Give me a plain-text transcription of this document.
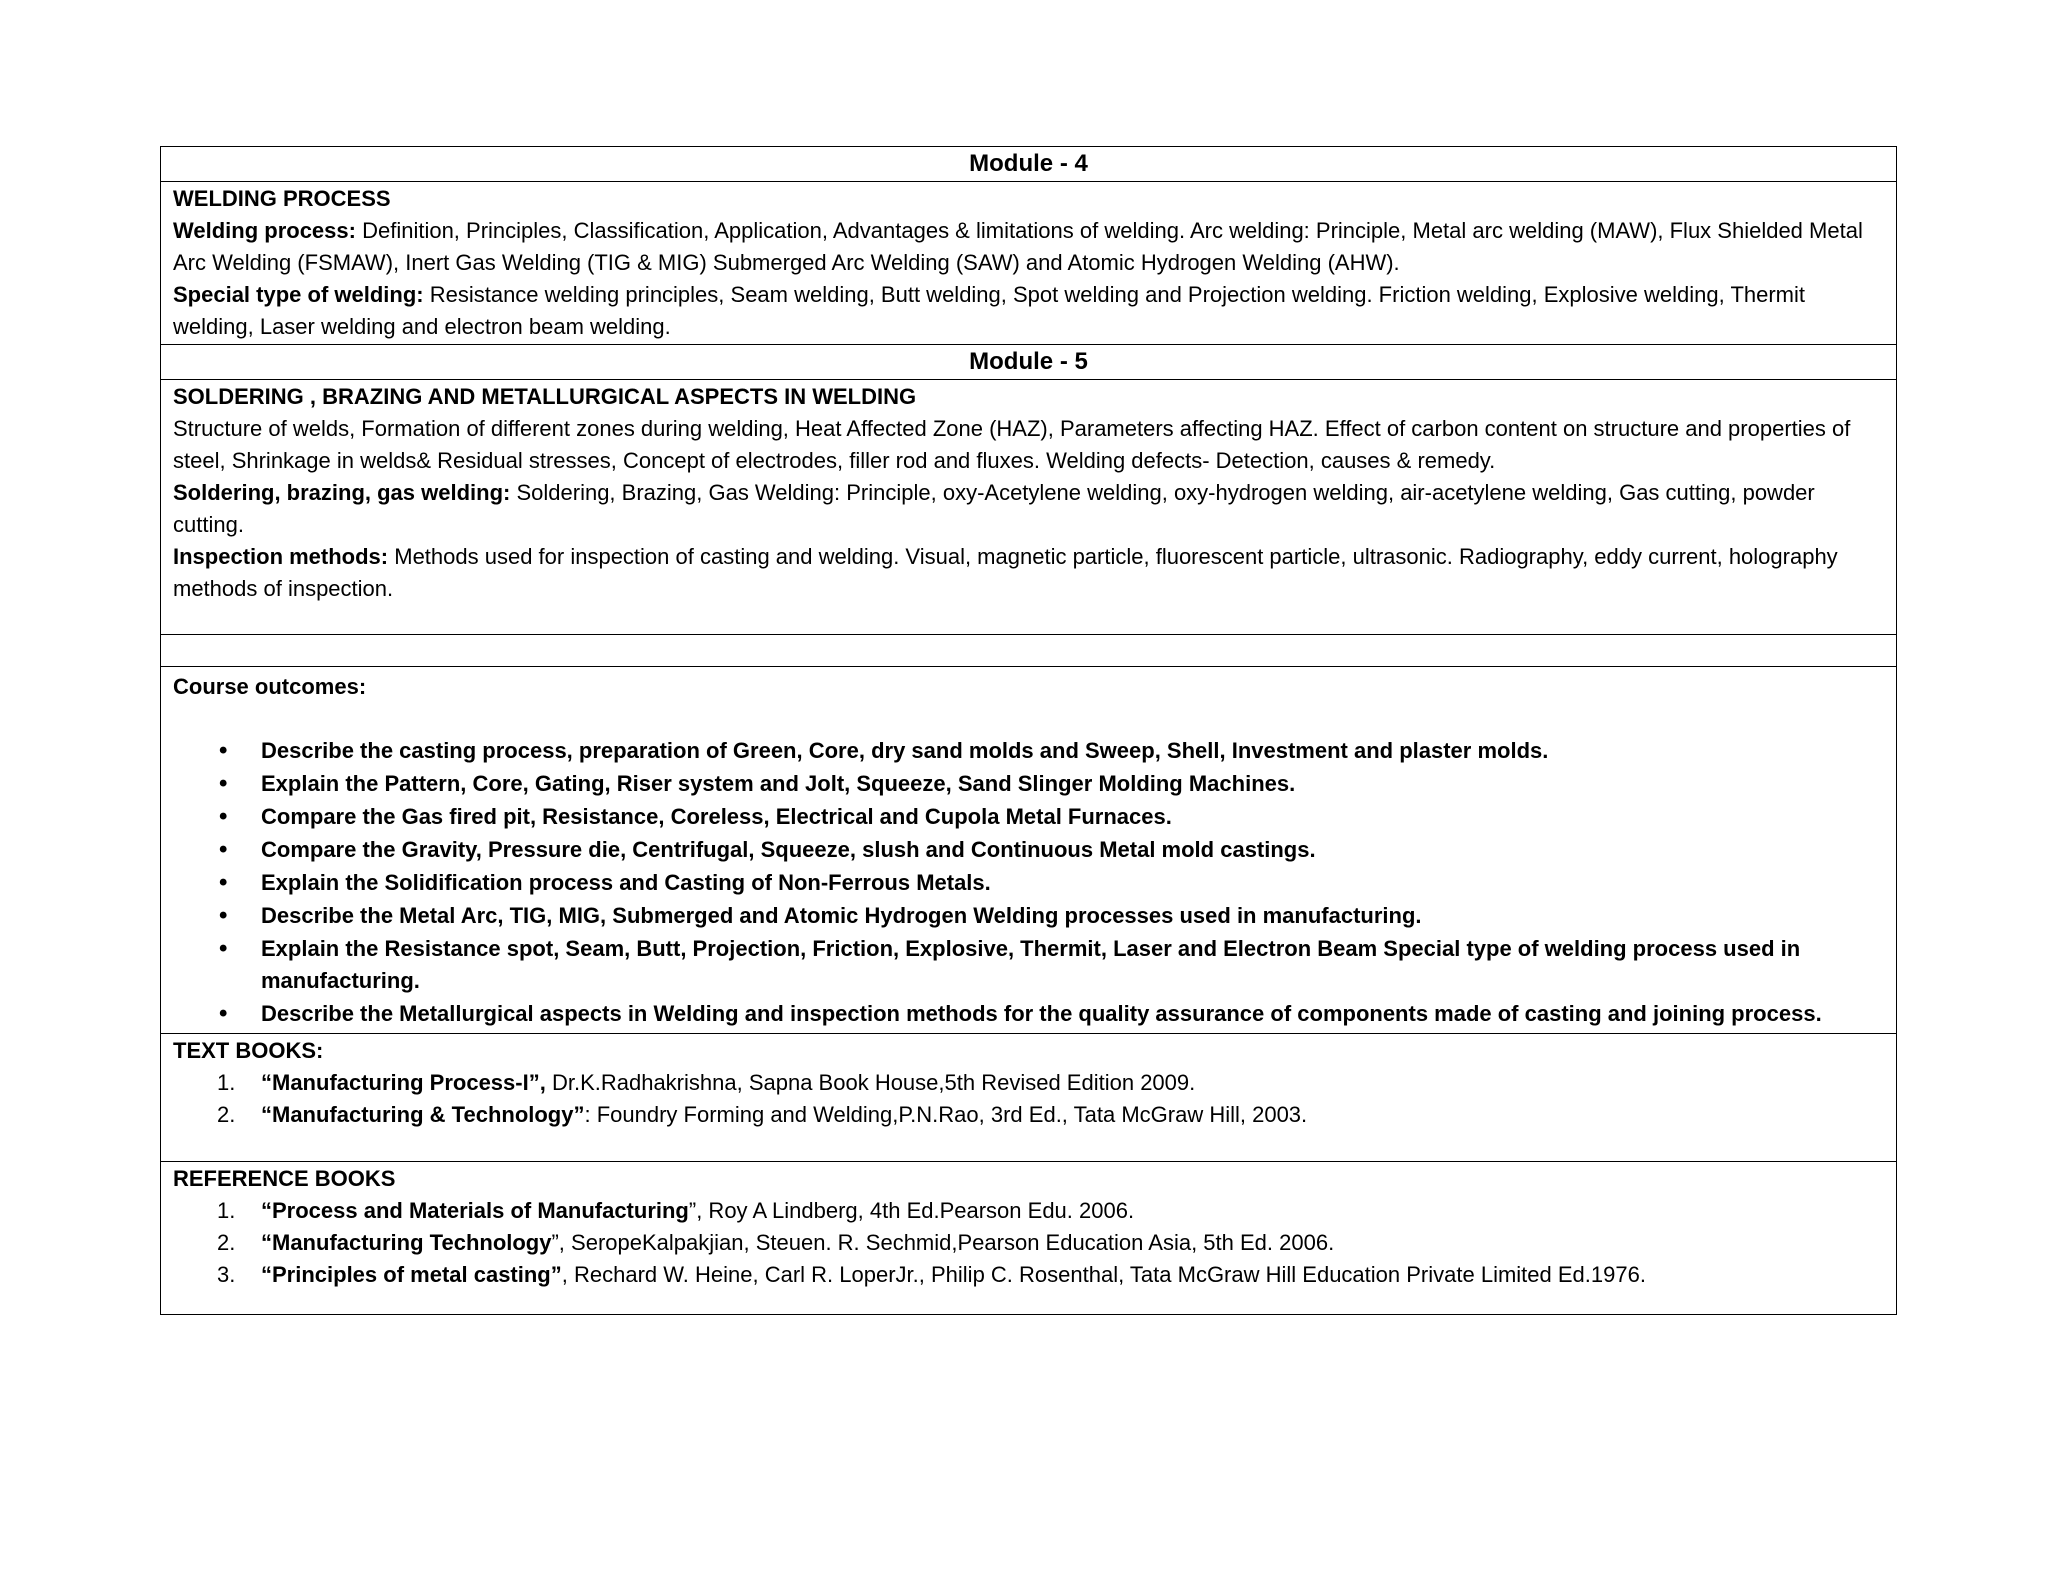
Module - 4

WELDING PROCESS

Welding process: Definition, Principles, Classification, Application, Advantages & limitations of welding. Arc welding: Principle, Metal arc welding (MAW), Flux Shielded Metal Arc Welding (FSMAW), Inert Gas Welding (TIG & MIG) Submerged Arc Welding (SAW) and Atomic Hydrogen Welding (AHW).

Special type of welding: Resistance welding principles, Seam welding, Butt welding, Spot welding and Projection welding. Friction welding, Explosive welding, Thermit welding, Laser welding and electron beam welding.

Module - 5

SOLDERING , BRAZING AND METALLURGICAL ASPECTS IN WELDING

Structure of welds, Formation of different zones during welding, Heat Affected Zone (HAZ), Parameters affecting HAZ. Effect of carbon content on structure and properties of steel, Shrinkage in welds& Residual stresses, Concept of electrodes, filler rod and fluxes. Welding defects- Detection, causes & remedy.

Soldering, brazing, gas welding: Soldering, Brazing, Gas Welding: Principle, oxy-Acetylene welding, oxy-hydrogen welding, air-acetylene welding, Gas cutting, powder cutting.

Inspection methods: Methods used for inspection of casting and welding. Visual, magnetic particle, fluorescent particle, ultrasonic. Radiography, eddy current, holography methods of inspection.

Course outcomes:

• Describe the casting process, preparation of Green, Core, dry sand molds and Sweep, Shell, Investment and plaster molds.
• Explain the Pattern, Core, Gating, Riser system and Jolt, Squeeze, Sand Slinger Molding Machines.
• Compare the Gas fired pit, Resistance, Coreless, Electrical and Cupola Metal Furnaces.
• Compare the Gravity, Pressure die, Centrifugal, Squeeze, slush and Continuous Metal mold castings.
• Explain the Solidification process and Casting of Non-Ferrous Metals.
• Describe the Metal Arc, TIG, MIG, Submerged and Atomic Hydrogen Welding processes used in manufacturing.
• Explain the Resistance spot, Seam, Butt, Projection, Friction, Explosive, Thermit, Laser and Electron Beam Special type of welding process used in manufacturing.
• Describe the Metallurgical aspects in Welding and inspection methods for the quality assurance of components made of casting and joining process.

TEXT BOOKS:

1. “Manufacturing Process-I”, Dr.K.Radhakrishna, Sapna Book House,5th Revised Edition 2009.
2. “Manufacturing & Technology”: Foundry Forming and Welding,P.N.Rao, 3rd Ed., Tata McGraw Hill, 2003.

REFERENCE BOOKS

1. “Process and Materials of Manufacturing”, Roy A Lindberg, 4th Ed.Pearson Edu. 2006.
2. “Manufacturing Technology”, SeropeKalpakjian, Steuen. R. Sechmid,Pearson Education Asia, 5th Ed. 2006.
3. “Principles of metal casting”, Rechard W. Heine, Carl R. LoperJr., Philip C. Rosenthal, Tata McGraw Hill Education Private Limited Ed.1976.
